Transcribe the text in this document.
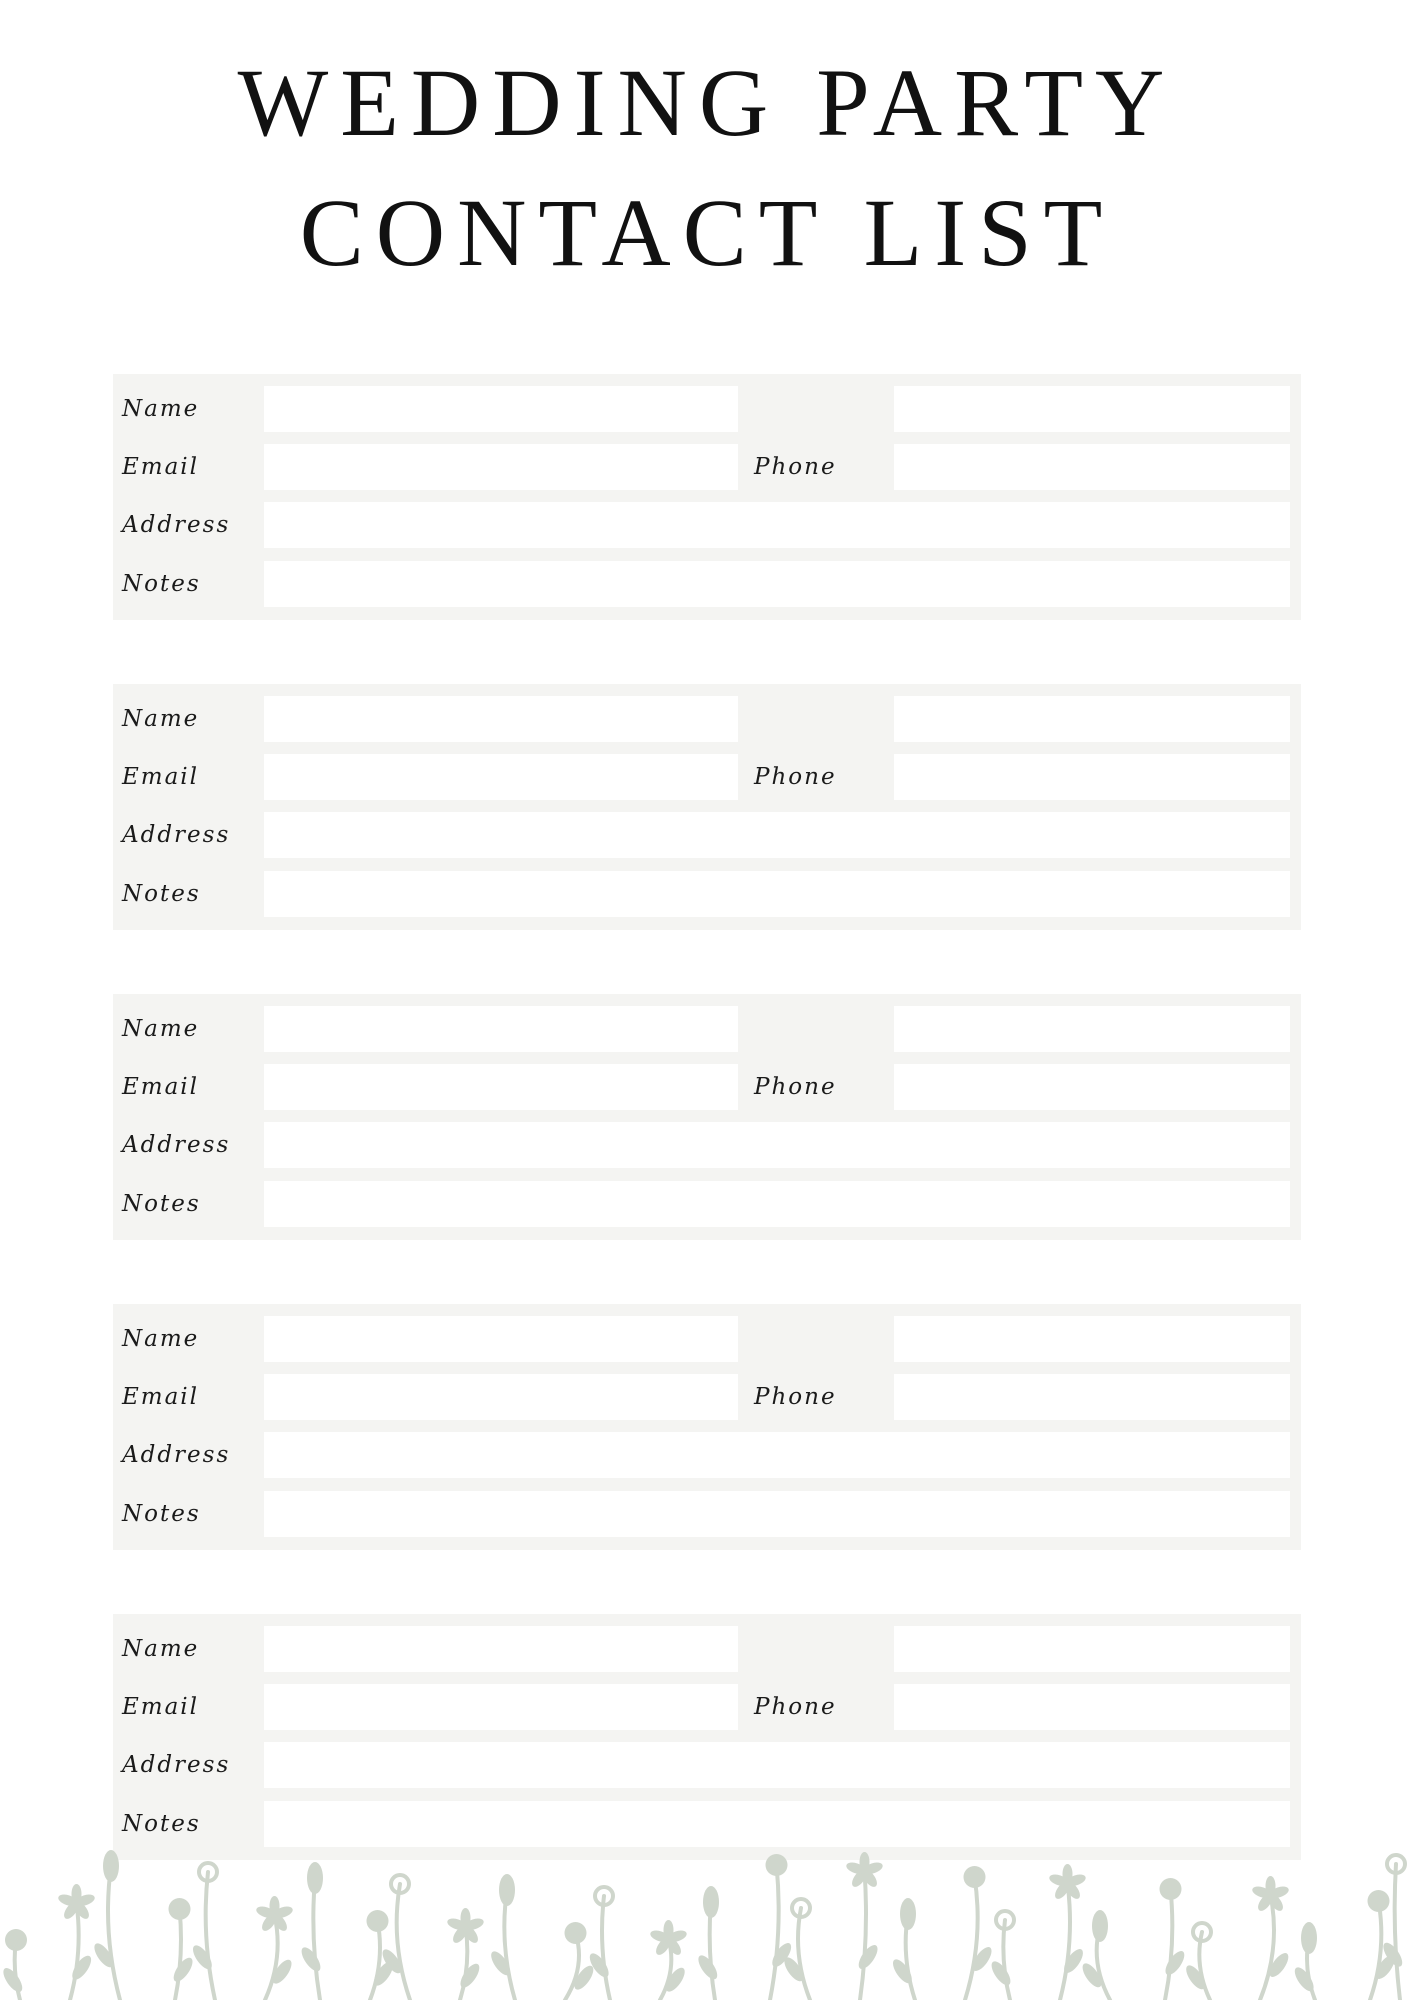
WEDDING PARTY
CONTACT LIST
Name
Email	Phone
Address
Notes
Name
Email	Phone
Address
Notes
Name
Email	Phone
Address
Notes
Name
Email	Phone
Address
Notes
Name
Email	Phone
Address
Notes
